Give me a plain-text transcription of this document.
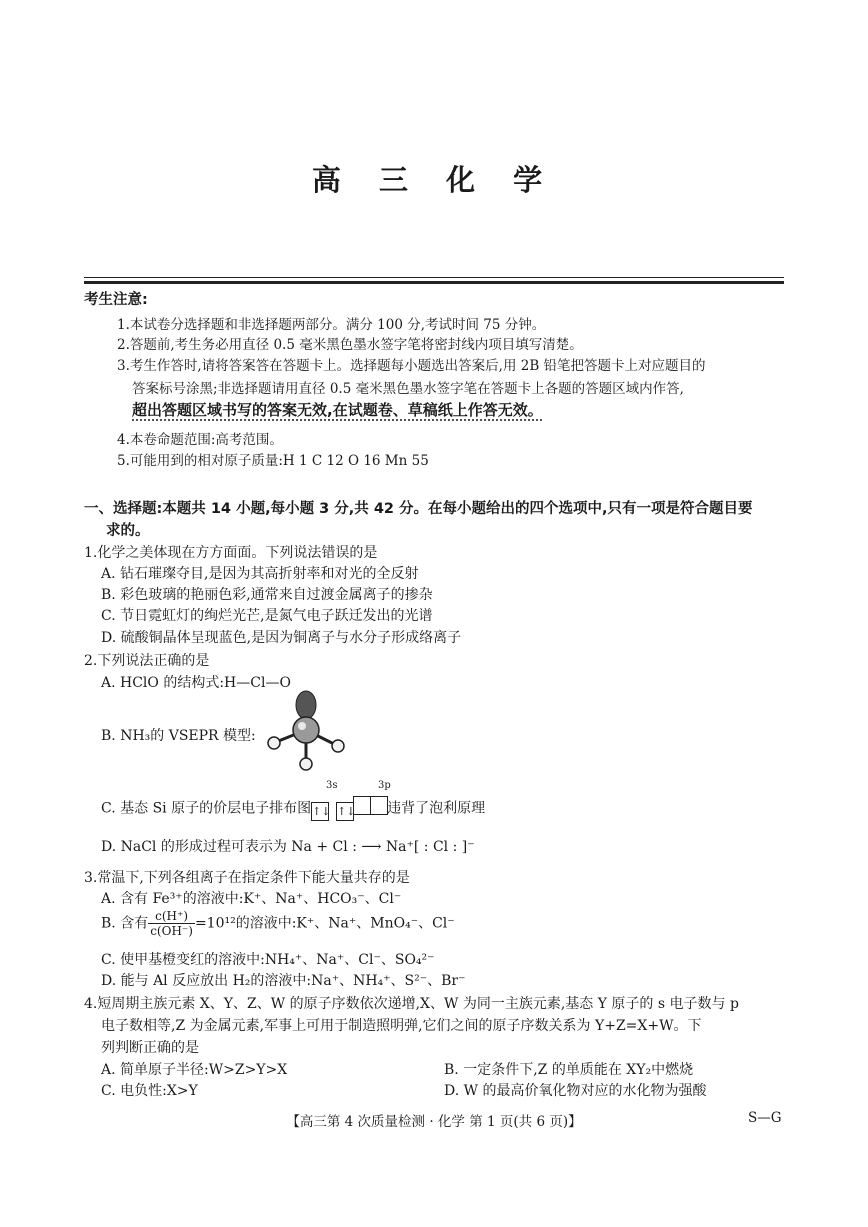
高 三 化 学
考生注意:
1.本试卷分选择题和非选择题两部分。满分 100 分,考试时间 75 分钟。
2.答题前,考生务必用直径 0.5 毫米黑色墨水签字笔将密封线内项目填写清楚。
3.考生作答时,请将答案答在答题卡上。选择题每小题选出答案后,用 2B 铅笔把答题卡上对应题目的
答案标号涂黑;非选择题请用直径 0.5 毫米黑色墨水签字笔在答题卡上各题的答题区域内作答,
超出答题区域书写的答案无效,在试题卷、草稿纸上作答无效。
4.本卷命题范围:高考范围。
5.可能用到的相对原子质量:H 1 C 12 O 16 Mn 55
一、选择题:本题共 14 小题,每小题 3 分,共 42 分。在每小题给出的四个选项中,只有一项是符合题目要
求的。
1.化学之美体现在方方面面。下列说法错误的是
A. 钻石璀璨夺目,是因为其高折射率和对光的全反射
B. 彩色玻璃的艳丽色彩,通常来自过渡金属离子的掺杂
C. 节日霓虹灯的绚烂光芒,是氮气电子跃迁发出的光谱
D. 硫酸铜晶体呈现蓝色,是因为铜离子与水分子形成络离子
2.下列说法正确的是
A. HClO 的结构式:H—Cl—O
B. NH₃的 VSEPR 模型:
3s	3p
C. 基态 Si 原子的价层电子排布图↑↓ ↑↓ 违背了泡利原理
D. NaCl 的形成过程可表示为 Na + Cl : ⟶ Na⁺[ : Cl : ]⁻
3.常温下,下列各组离子在指定条件下能大量共存的是
A. 含有 Fe³⁺的溶液中:K⁺、Na⁺、HCO₃⁻、Cl⁻
B. 含有 $\frac{c(H^+)}{c(OH^-)} =10^{12}$的溶液中:K⁺、Na⁺、MnO₄⁻、Cl⁻
C. 使甲基橙变红的溶液中:NH₄⁺、Na⁺、Cl⁻、SO₄²⁻
D. 能与 Al 反应放出 H₂的溶液中:Na⁺、NH₄⁺、S²⁻、Br⁻
4.短周期主族元素 X、Y、Z、W 的原子序数依次递增,X、W 为同一主族元素,基态 Y 原子的 s 电子数与 p
电子数相等,Z 为金属元素,军事上可用于制造照明弹,它们之间的原子序数关系为 Y+Z=X+W。下
列判断正确的是
A. 简单原子半径:W>Z>Y>X	B. 一定条件下,Z 的单质能在 XY₂中燃烧
C. 电负性:X>Y	D. W 的最高价氧化物对应的水化物为强酸
【高三第 4 次质量检测 · 化学 第 1 页(共 6 页)】	S—G
